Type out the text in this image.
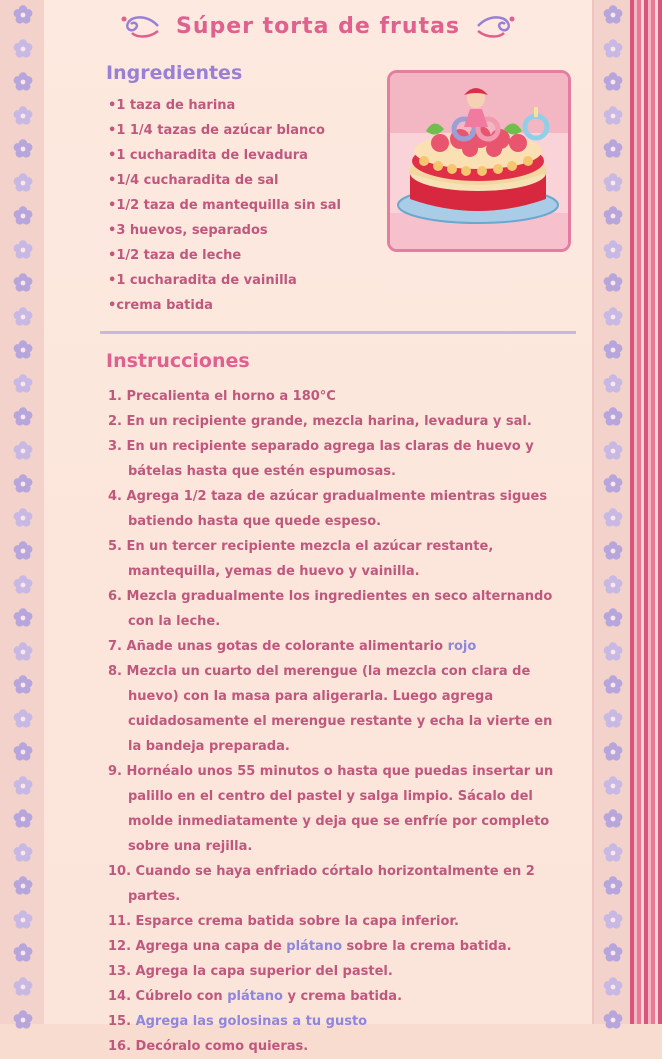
Súper torta de frutas
Ingredientes
• 1 taza de harina
• 1 1/4 tazas de azúcar blanco
• 1 cucharadita de levadura
• 1/4 cucharadita de sal
• 1/2 taza de mantequilla sin sal
• 3 huevos, separados
• 1/2 taza de leche
• 1 cucharadita de vainilla
• crema batida
Instrucciones
1. Precalienta el horno a 180°C
2. En un recipiente grande, mezcla harina, levadura y sal.
3. En un recipiente separado agrega las claras de huevo y bátelas hasta que estén espumosas.
4. Agrega 1/2 taza de azúcar gradualmente mientras sigues batiendo hasta que quede espeso.
5. En un tercer recipiente mezcla el azúcar restante, mantequilla, yemas de huevo y vainilla.
6. Mezcla gradualmente los ingredientes en seco alternando con la leche.
7. Añade unas gotas de colorante alimentario rojo
8. Mezcla un cuarto del merengue (la mezcla con clara de huevo) con la masa para aligerarla. Luego agrega cuidadosamente el merengue restante y echa la vierte en la bandeja preparada.
9. Hornéalo unos 55 minutos o hasta que puedas insertar un palillo en el centro del pastel y salga limpio. Sácalo del molde inmediatamente y deja que se enfríe por completo sobre una rejilla.
10. Cuando se haya enfriado córtalo horizontalmente en 2 partes.
11. Esparce crema batida sobre la capa inferior.
12. Agrega una capa de plátano sobre la crema batida.
13. Agrega la capa superior del pastel.
14. Cúbrelo con plátano y crema batida.
15. Agrega las golosinas a tu gusto
16. Decóralo como quieras.
